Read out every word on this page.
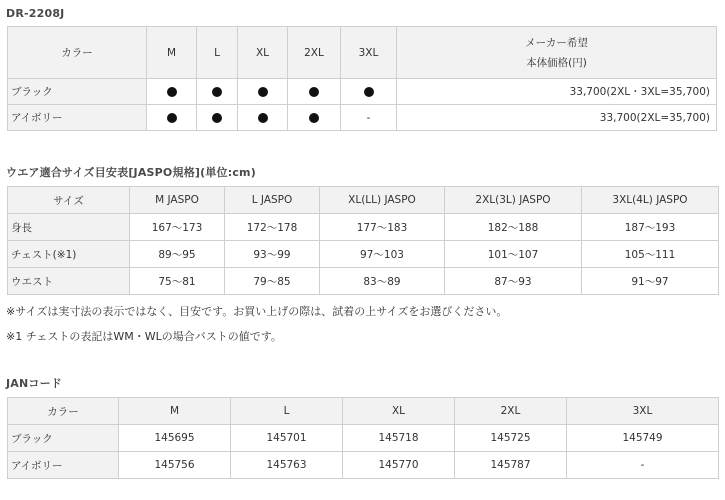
DR-2208J
カラー	M	L	XL	2XL	3XL	メーカー希望
本体価格(円)

ブラック						33,700(2XL・3XL=35,700)
アイボリー					-	33,700(2XL=35,700)
ウエア適合サイズ目安表[JASPO規格](単位:cm)
サイズ	M JASPO	L JASPO	XL(LL) JASPO	2XL(3L) JASPO	3XL(4L) JASPO
身長	167〜173	172〜178	177〜183	182〜188	187〜193
チェスト(※1)	89〜95	93〜99	97〜103	101〜107	105〜111
ウエスト	75〜81	79〜85	83〜89	87〜93	91〜97
※サイズは実寸法の表示ではなく、目安です。お買い上げの際は、試着の上サイズをお選びください。
※1 チェストの表記はWM・WLの場合バストの値です。
JANコード
カラー	M	L	XL	2XL	3XL
ブラック	145695	145701	145718	145725	145749
アイボリー	145756	145763	145770	145787	-
